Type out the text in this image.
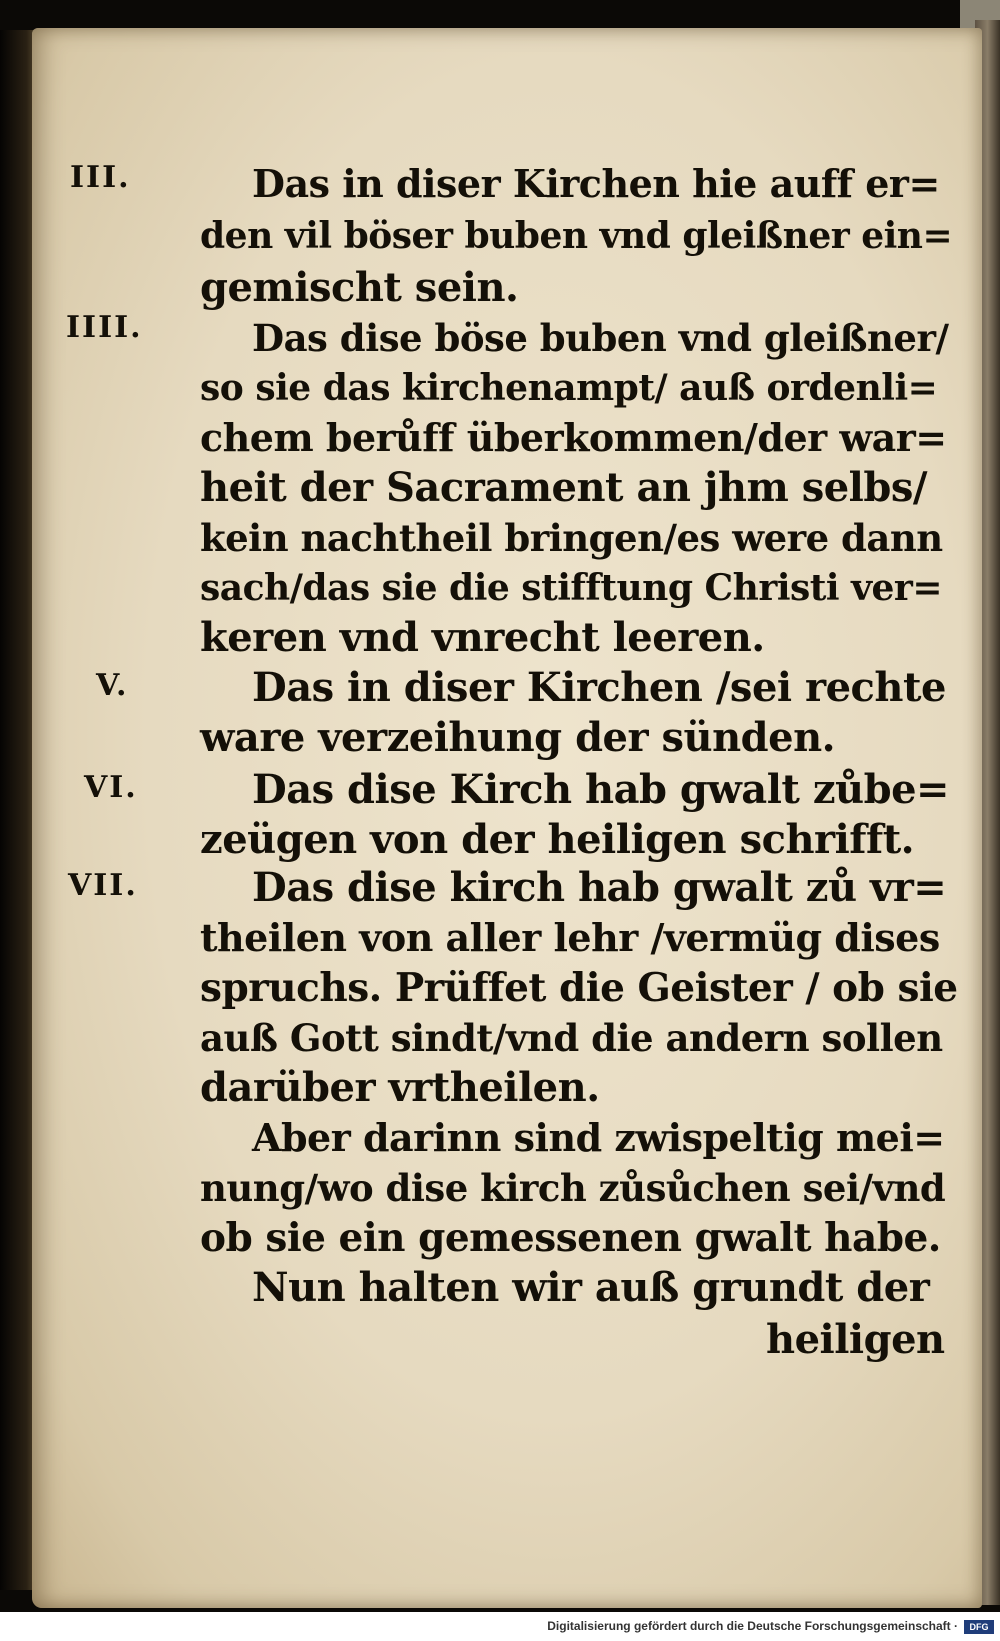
III.
IIII.
V.
VI.
VII.
Das in diser Kirchen hie auff er=
den vil böser buben vnd gleißner ein=
gemischt sein.
Das dise böse buben vnd gleißner/
so sie das kirchenampt/ auß ordenli=
chem berůff überkommen/der war=
heit der Sacrament an jhm selbs/
kein nachtheil bringen/es were dann
sach/das sie die stifftung Christi ver=
keren vnd vnrecht leeren.
Das in diser Kirchen /sei rechte
ware verzeihung der sünden.
Das dise Kirch hab gwalt zůbe=
zeügen von der heiligen schrifft.
Das dise kirch hab gwalt zů vr=
theilen von aller lehr /vermüg dises
spruchs. Prüffet die Geister / ob sie
auß Gott sindt/vnd die andern sollen
darüber vrtheilen.
Aber darinn sind zwispeltig mei=
nung/wo dise kirch zůsůchen sei/vnd
ob sie ein gemessenen gwalt habe.
Nun halten wir auß grundt der
heiligen
Digitalisierung gefördert durch die Deutsche Forschungsgemeinschaft ·	DFG
